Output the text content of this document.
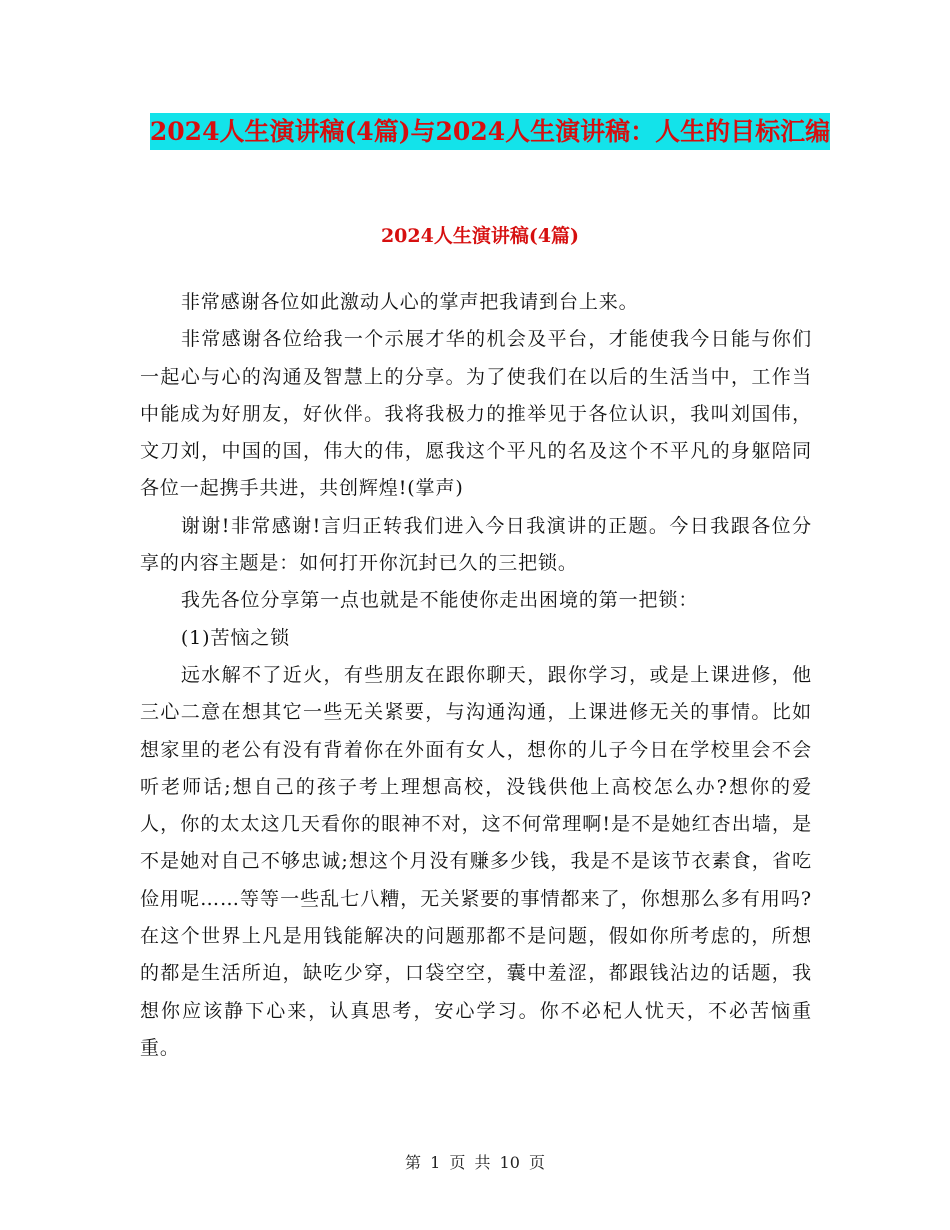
2024人生演讲稿(4篇)与2024人生演讲稿：人生的目标汇编
2024人生演讲稿(4篇)

非常感谢各位如此激动人心的掌声把我请到台上来。

非常感谢各位给我一个示展才华的机会及平台，才能使我今日能与你们一起心与心的沟通及智慧上的分享。为了使我们在以后的生活当中，工作当中能成为好朋友，好伙伴。我将我极力的推举见于各位认识，我叫刘国伟，文刀刘，中国的国，伟大的伟，愿我这个平凡的名及这个不平凡的身躯陪同各位一起携手共进，共创辉煌!(掌声)

谢谢!非常感谢!言归正转我们进入今日我演讲的正题。今日我跟各位分享的内容主题是：如何打开你沉封已久的三把锁。

我先各位分享第一点也就是不能使你走出困境的第一把锁：

(1)苦恼之锁

远水解不了近火，有些朋友在跟你聊天，跟你学习，或是上课进修，他三心二意在想其它一些无关紧要，与沟通沟通，上课进修无关的事情。比如想家里的老公有没有背着你在外面有女人，想你的儿子今日在学校里会不会听老师话;想自己的孩子考上理想高校，没钱供他上高校怎么办?想你的爱人，你的太太这几天看你的眼神不对，这不何常理啊!是不是她红杏出墙，是不是她对自己不够忠诚;想这个月没有赚多少钱，我是不是该节衣素食，省吃俭用呢……等等一些乱七八糟，无关紧要的事情都来了，你想那么多有用吗?在这个世界上凡是用钱能解决的问题那都不是问题，假如你所考虑的，所想的都是生活所迫，缺吃少穿，口袋空空，囊中羞涩，都跟钱沾边的话题，我想你应该静下心来，认真思考，安心学习。你不必杞人忧天，不必苦恼重重。

第 1 页 共 10 页
